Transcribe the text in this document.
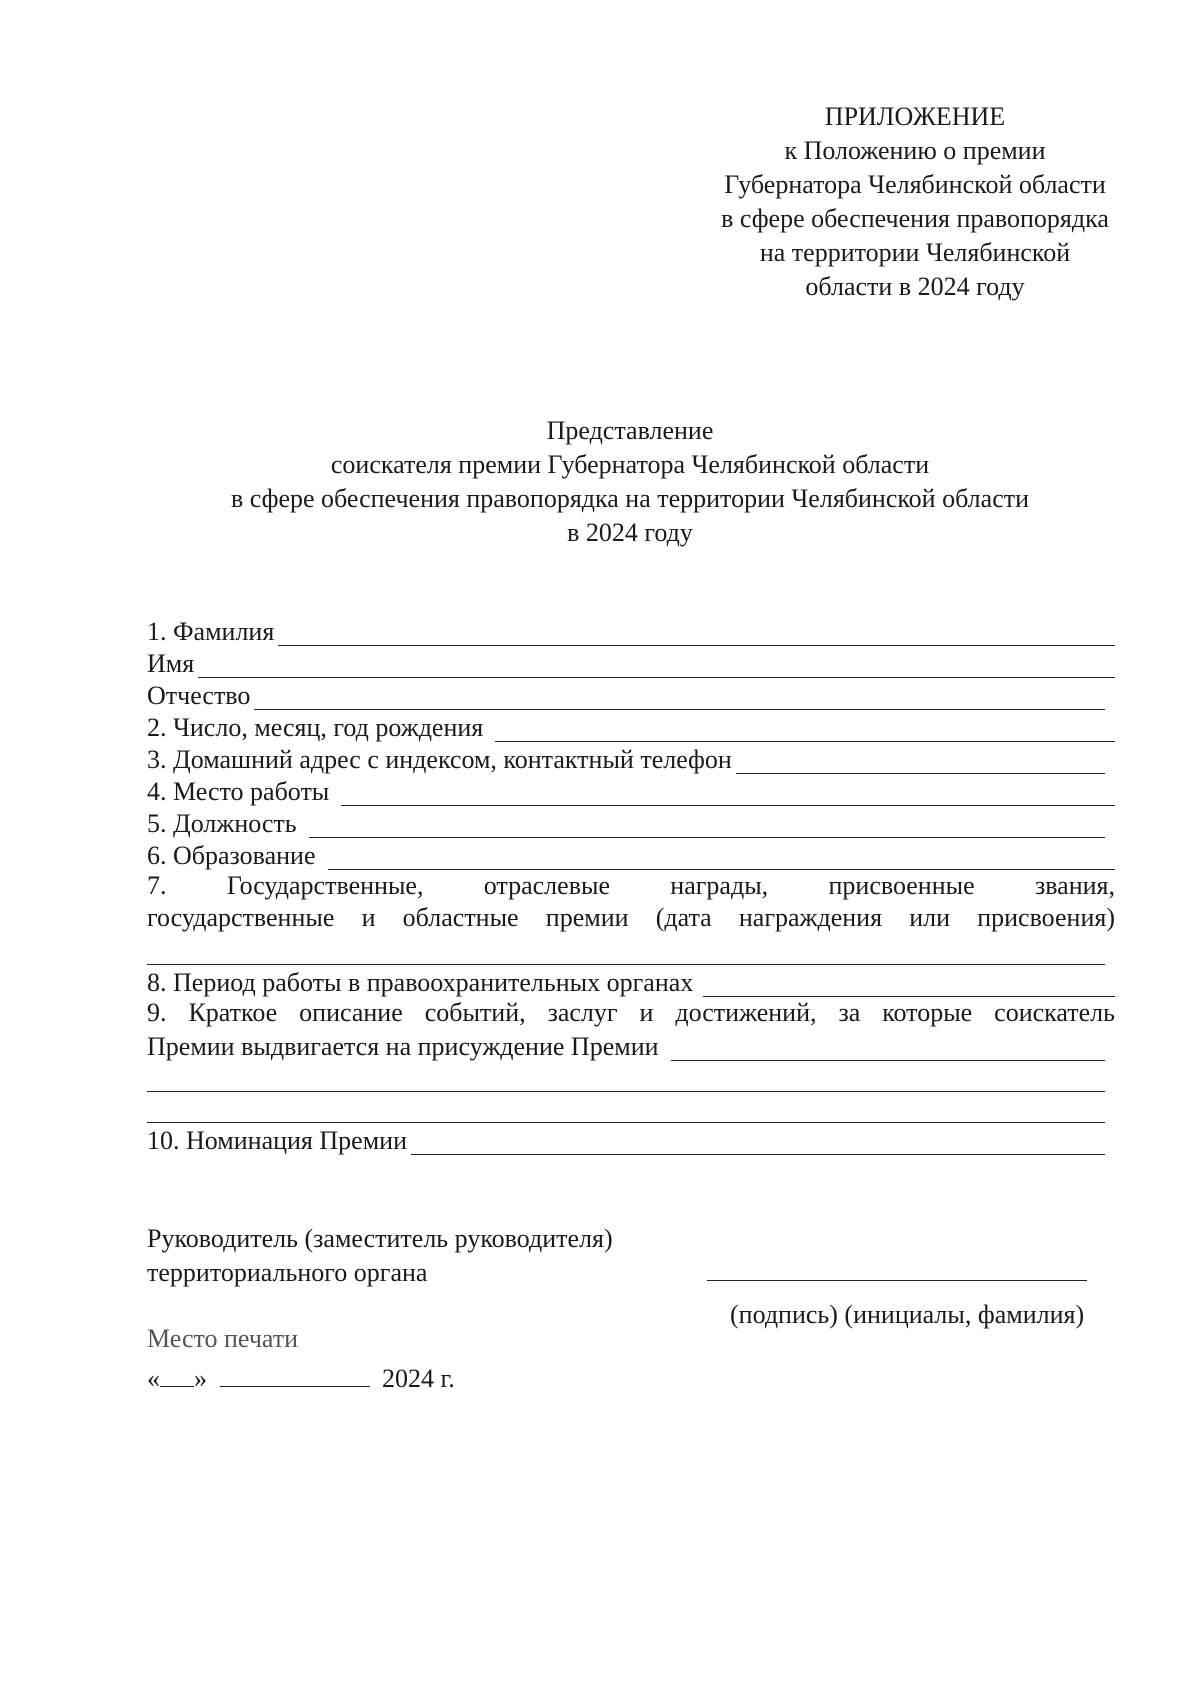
ПРИЛОЖЕНИЕ
к Положению о премии
Губернатора Челябинской области
в сфере обеспечения правопорядка
на территории Челябинской
области в 2024 году
Представление
соискателя премии Губернатора Челябинской области
в сфере обеспечения правопорядка на территории Челябинской области
в 2024 году
1. Фамилия
Имя
Отчество
2. Число, месяц, год рождения
3. Домашний адрес с индексом, контактный телефон
4. Место работы
5. Должность
6. Образование
7. Государственные, отраслевые награды, присвоенные звания,
государственные и областные премии (дата награждения или присвоения)
8. Период работы в правоохранительных органах
9. Краткое описание событий, заслуг и достижений, за которые соискатель
Премии выдвигается на присуждение Премии
10. Номинация Премии
Руководитель (заместитель руководителя)
территориального органа
(подпись) (инициалы, фамилия)
Место печати
« »	2024 г.
